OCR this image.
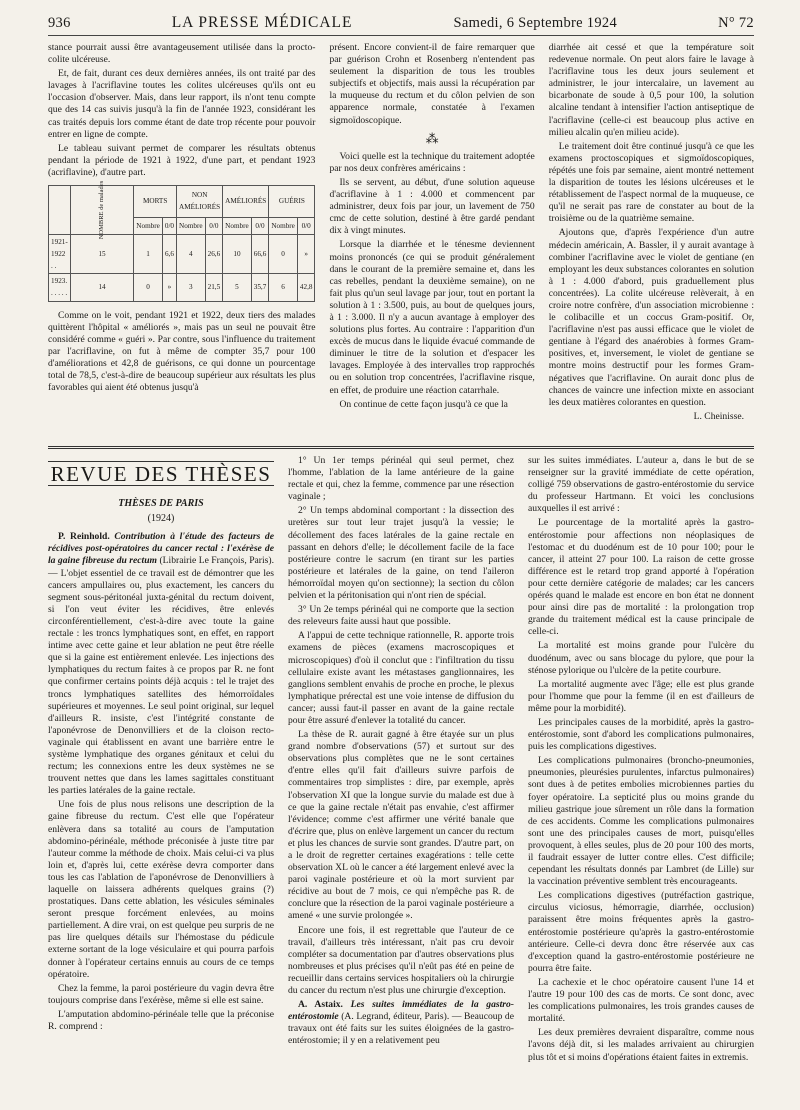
936	LA PRESSE MÉDICALE	Samedi, 6 Septembre 1924	N° 72

stance pourrait aussi être avantageusement utilisée dans la procto-colite ulcéreuse.

Et, de fait, durant ces deux dernières années, ils ont traité par des lavages à l'acriflavine toutes les colites ulcéreuses qu'ils ont eu l'occasion d'observer. Mais, dans leur rapport, ils n'ont tenu compte que des 14 cas suivis jusqu'à la fin de l'année 1923, considérant les cas traités depuis lors comme étant de date trop récente pour pouvoir entrer en ligne de compte.

Le tableau suivant permet de comparer les résultats obtenus pendant la période de 1921 à 1922, d'une part, et pendant 1923 (acriflavine), d'autre part.

	NOMBRE de malades	MORTS		NON AMÉLIORÉS		AMÉLIORÉS		GUÉRIS	
		Nombre	0/0	Nombre	0/0	Nombre	0/0	Nombre	0/0
1921-1922 . .	15	1	6,6	4	26,6	10	66,6	0	»
1923. . . . . .	14	0	»	3	21,5	5	35,7	6	42,8

Comme on le voit, pendant 1921 et 1922, deux tiers des malades quittèrent l'hôpital « améliorés », mais pas un seul ne pouvait être considéré comme « guéri ». Par contre, sous l'influence du traitement par l'acriflavine, on fut à même de compter 35,7 pour 100 d'améliorations et 42,8 de guérisons, ce qui donne un pourcentage total de 78,5, c'est-à-dire de beaucoup supérieur aux résultats les plus favorables qui aient été obtenus jusqu'à

présent. Encore convient-il de faire remarquer que par guérison Crohn et Rosenberg n'entendent pas seulement la disparition de tous les troubles subjectifs et objectifs, mais aussi la récupération par la muqueuse du rectum et du côlon pelvien de son apparence normale, constatée à l'examen sigmoïdoscopique.

⁂

Voici quelle est la technique du traitement adoptée par nos deux confrères américains :

Ils se servent, au début, d'une solution aqueuse d'acriflavine à 1 : 4.000 et commencent par administrer, deux fois par jour, un lavement de 750 cmc de cette solution, destiné à être gardé pendant dix à vingt minutes.

Lorsque la diarrhée et le ténesme deviennent moins prononcés (ce qui se produit généralement dans le courant de la première semaine et, dans les cas rebelles, pendant la deuxième semaine), on ne fait plus qu'un seul lavage par jour, tout en portant la solution à 1 : 3.500, puis, au bout de quelques jours, à 1 : 3.000. Il n'y a aucun avantage à employer des solutions plus fortes. Au contraire : l'apparition d'un excès de mucus dans le liquide évacué commande de diminuer le titre de la solution et d'espacer les lavages. Employée à des intervalles trop rapprochés ou en solution trop concentrées, l'acriflavine risque, en effet, de produire une réaction catarrhale.

On continue de cette façon jusqu'à ce que la

diarrhée ait cessé et que la température soit redevenue normale. On peut alors faire le lavage à l'acriflavine tous les deux jours seulement et administrer, le jour intercalaire, un lavement au bicarbonate de soude à 0,5 pour 100, la solution alcaline tendant à intensifier l'action antiseptique de l'acriflavine (celle-ci est beaucoup plus active en milieu alcalin qu'en milieu acide).

Le traitement doit être continué jusqu'à ce que les examens proctoscopiques et sigmoïdoscopiques, répétés une fois par semaine, aient montré nettement la disparition de toutes les lésions ulcéreuses et le rétablissement de l'aspect normal de la muqueuse, ce qu'il ne serait pas rare de constater au bout de la troisième ou de la quatrième semaine.

Ajoutons que, d'après l'expérience d'un autre médecin américain, A. Bassler, il y aurait avantage à combiner l'acriflavine avec le violet de gentiane (en employant les deux substances colorantes en solution à 1 : 4.000 d'abord, puis graduellement plus concentrées). La colite ulcéreuse relèverait, à en croire notre confrère, d'un association microbienne : le colibacille et un coccus Gram-positif. Or, l'acriflavine n'est pas aussi efficace que le violet de gentiane à l'égard des anaérobies à formes Gram-positives, et, inversement, le violet de gentiane se montre moins destructif pour les formes Gram-négatives que l'acriflavine. On aurait donc plus de chances de vaincre une infection mixte en associant les deux matières colorantes en question.

L. Cheinisse.
REVUE DES THÈSES
THÈSES DE PARIS
(1924)

P. Reinhold. Contribution à l'étude des facteurs de récidives post-opératoires du cancer rectal : l'exérèse de la gaine fibreuse du rectum (Librairie Le François, Paris). — L'objet essentiel de ce travail est de démontrer que les cancers ampullaires ou, plus exactement, les cancers du segment sous-péritonéal juxta-génital du rectum doivent, si l'on veut éviter les récidives, être enlevés circonférentiellement, c'est-à-dire avec toute la gaine rectale : les troncs lymphatiques sont, en effet, en rapport intime avec cette gaine et leur ablation ne peut être réelle que si la gaine est entièrement enlevée. Les injections des lymphatiques du rectum faites à ce propos par R. ne font que confirmer certains points déjà acquis : tel le trajet des troncs lymphatiques satellites des hémorroïdales supérieures et moyennes. Le seul point original, sur lequel d'ailleurs R. insiste, c'est l'intégrité constante de l'aponévrose de Denonvilliers et de la cloison recto-vaginale qui établissent en avant une barrière entre le système lymphatique des organes génitaux et celui du rectum; les connexions entre les deux systèmes ne se trouvent nettes que dans les lames sagittales constituant les parties latérales de la gaine rectale.

Une fois de plus nous relisons une description de la gaine fibreuse du rectum. C'est elle que l'opérateur enlèvera dans sa totalité au cours de l'amputation abdomino-périnéale, méthode préconisée à juste titre par l'auteur comme la méthode de choix. Mais celui-ci va plus loin et, d'après lui, cette exérèse devra comporter dans tous les cas l'ablation de l'aponévrose de Denonvilliers à laquelle on laissera adhérents quelques grains (?) prostatiques. Dans cette ablation, les vésicules séminales seront presque forcément enlevées, au moins partiellement. A dire vrai, on est quelque peu surpris de ne pas lire quelques détails sur l'hémostase du pédicule externe sortant de la loge vésiculaire et qui pourra parfois donner à l'opérateur certains ennuis au cours de ce temps opératoire.

Chez la femme, la paroi postérieure du vagin devra être toujours comprise dans l'exérèse, même si elle est saine.

L'amputation abdomino-périnéale telle que la préconise R. comprend :

1° Un 1er temps périnéal qui seul permet, chez l'homme, l'ablation de la lame antérieure de la gaine rectale et qui, chez la femme, commence par une résection vaginale ;

2° Un temps abdominal comportant : la dissection des uretères sur tout leur trajet jusqu'à la vessie; le décollement des faces latérales de la gaine rectale en passant en dehors d'elle; le décollement facile de la face postérieure contre le sacrum (en tirant sur les parties postérieure et latérales de la gaine, on tend l'aileron hémorroïdal moyen qu'on sectionne); la section du côlon pelvien et la péritonisation qui n'ont rien de spécial.

3° Un 2e temps périnéal qui ne comporte que la section des releveurs faite aussi haut que possible.

A l'appui de cette technique rationnelle, R. apporte trois examens de pièces (examens macroscopiques et microscopiques) d'où il conclut que : l'infiltration du tissu cellulaire existe avant les métastases ganglionnaires, les ganglions semblent envahis de proche en proche, le plexus lymphatique prérectal est une voie intense de diffusion du cancer; aussi faut-il passer en avant de la gaine rectale pour être assuré d'enlever la totalité du cancer.

La thèse de R. aurait gagné à être étayée sur un plus grand nombre d'observations (57) et surtout sur des observations plus complètes que ne le sont certaines d'entre elles qu'il fait d'ailleurs suivre parfois de commentaires trop simplistes : dire, par exemple, après l'observation XI que la longue survie du malade est due à ce que la gaine rectale n'était pas envahie, c'est affirmer l'évidence; comme c'est affirmer une vérité banale que d'écrire que, plus on enlève largement un cancer du rectum et plus les chances de survie sont grandes. D'autre part, on a le droit de regretter certaines exagérations : telle cette observation XL où le cancer a été largement enlevé avec la paroi vaginale postérieure et où la mort survient par récidive au bout de 7 mois, ce qui n'empêche pas R. de conclure que la résection de la paroi vaginale postérieure a amené « une survie prolongée ».

Encore une fois, il est regrettable que l'auteur de ce travail, d'ailleurs très intéressant, n'ait pas cru devoir compléter sa documentation par d'autres observations plus nombreuses et plus précises qu'il n'eût pas été en peine de recueillir dans certains services hospitaliers où la chirurgie du cancer du rectum n'est plus une chirurgie d'exception.

A. Astaix. Les suites immédiates de la gastro-entérostomie (A. Legrand, éditeur, Paris). — Beaucoup de travaux ont été faits sur les suites éloignées de la gastro-entérostomie; il y en a relativement peu

sur les suites immédiates. L'auteur a, dans le but de se renseigner sur la gravité immédiate de cette opération, colligé 759 observations de gastro-entérostomie du service du professeur Hartmann. Et voici les conclusions auxquelles il est arrivé :

Le pourcentage de la mortalité après la gastro-entérostomie pour affections non néoplasiques de l'estomac et du duodénum est de 10 pour 100; pour le cancer, il atteint 27 pour 100. La raison de cette grosse différence est le retard trop grand apporté à l'opération pour cette dernière catégorie de malades; car les cancers opérés quand le malade est encore en bon état ne donnent pour ainsi dire pas de mortalité : la prolongation trop grande du traitement médical est la cause principale de celle-ci.

La mortalité est moins grande pour l'ulcère du duodénum, avec ou sans blocage du pylore, que pour la sténose pylorique ou l'ulcère de la petite courbure.

La mortalité augmente avec l'âge; elle est plus grande pour l'homme que pour la femme (il en est d'ailleurs de même pour la morbidité).

Les principales causes de la morbidité, après la gastro-entérostomie, sont d'abord les complications pulmonaires, puis les complications digestives.

Les complications pulmonaires (broncho-pneumonies, pneumonies, pleurésies purulentes, infarctus pulmonaires) sont dues à de petites embolies microbiennes parties du foyer opératoire. La septicité plus ou moins grande du milieu gastrique joue sûrement un rôle dans la formation de ces accidents. Comme les complications pulmonaires sont une des principales causes de mort, puisqu'elles provoquent, à elles seules, plus de 20 pour 100 des morts, il faudrait essayer de lutter contre elles. C'est difficile; cependant les résultats donnés par Lambret (de Lille) sur la vaccination préventive semblent très encourageants.

Les complications digestives (putréfaction gastrique, circulus viciosus, hémorragie, diarrhée, occlusion) paraissent être moins fréquentes après la gastro-entérostomie postérieure qu'après la gastro-entérostomie antérieure. Celle-ci devra donc être réservée aux cas d'exception quand la gastro-entérostomie postérieure ne pourra être faite.

La cachexie et le choc opératoire causent l'une 14 et l'autre 19 pour 100 des cas de morts. Ce sont donc, avec les complications pulmonaires, les trois grandes causes de mortalité.

Les deux premières devraient disparaître, comme nous l'avons déjà dit, si les malades arrivaient au chirurgien plus tôt et si moins d'opérations étaient faites in extremis.
